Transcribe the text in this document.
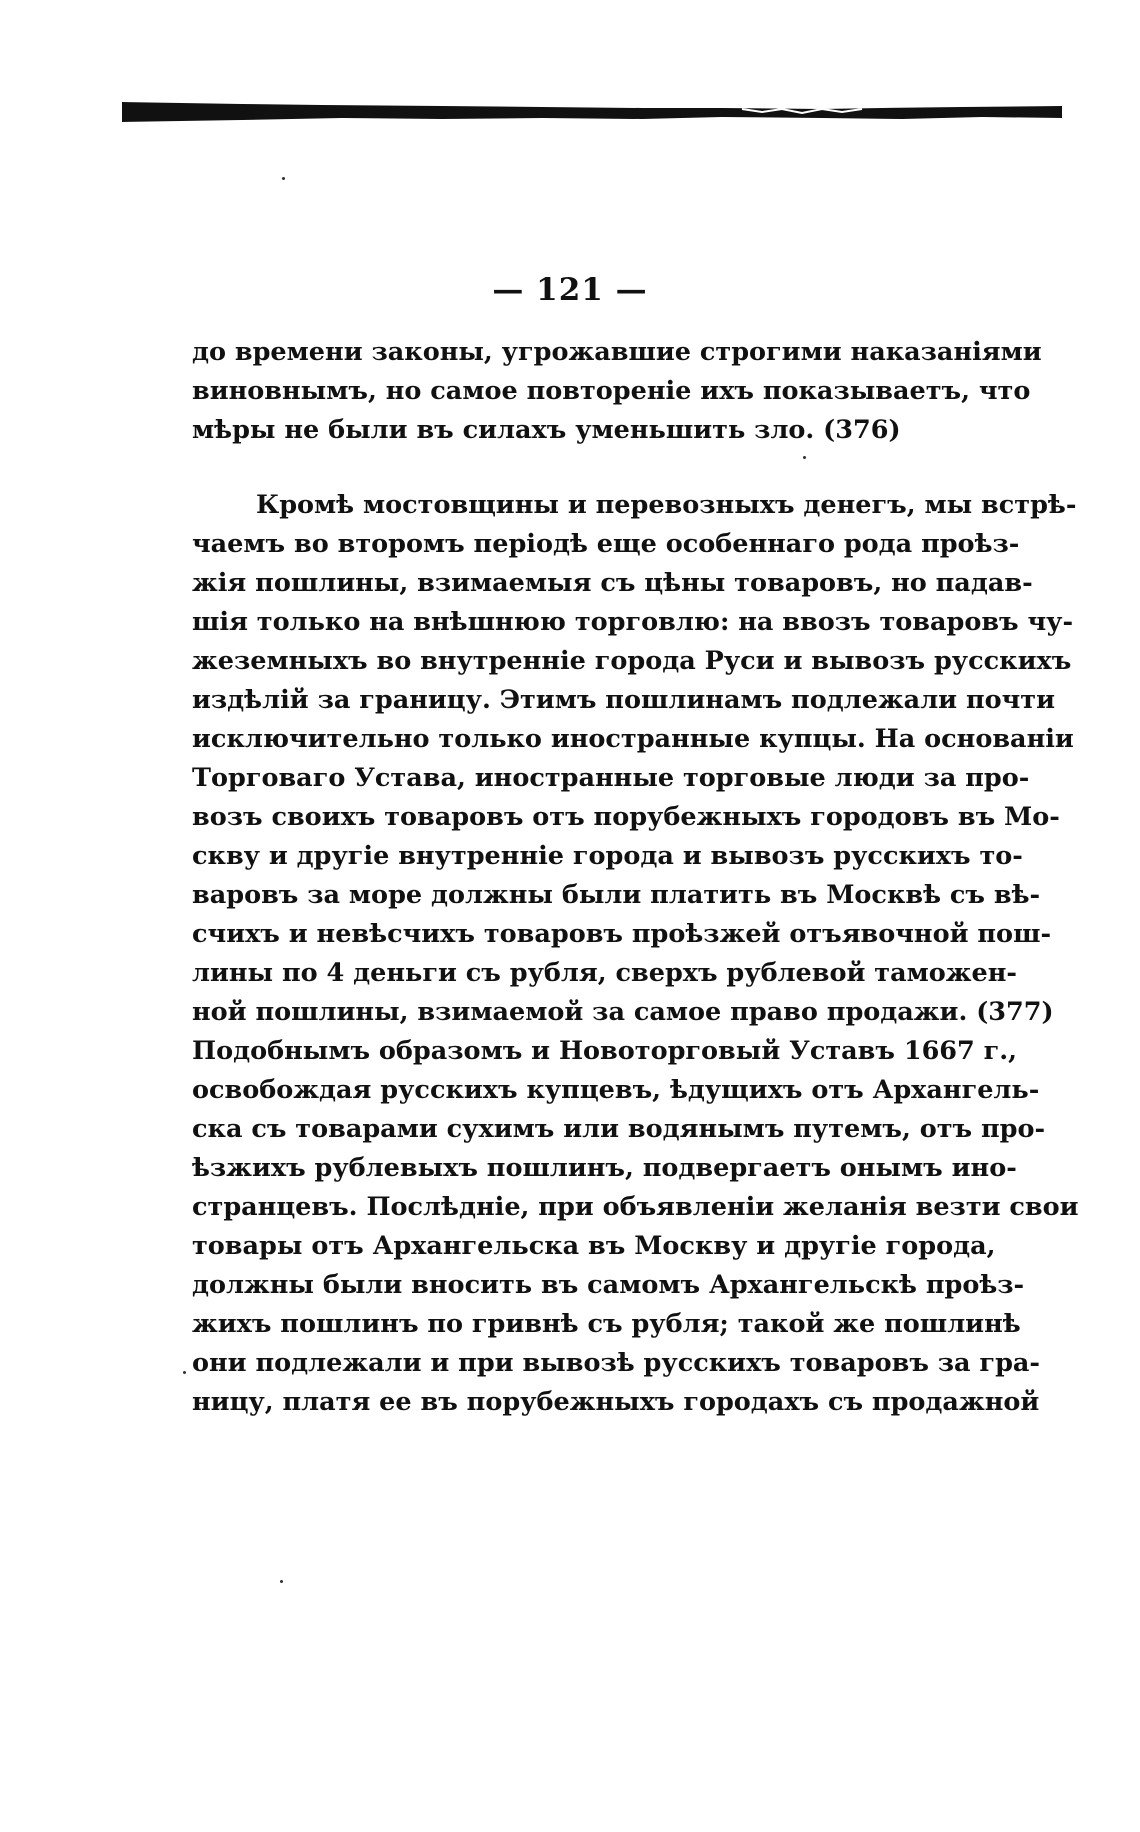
— 121 —
до времени законы, угрожавшие строгими наказаніями
виновнымъ, но самое повтореніе ихъ показываетъ, что
мѣры не были въ силахъ уменьшить зло. (376)
Кромѣ мостовщины и перевозныхъ денегъ, мы встрѣ-
чаемъ во второмъ періодѣ еще особеннаго рода проѣз-
жія пошлины, взимаемыя съ цѣны товаровъ, но падав-
шія только на внѣшнюю торговлю: на ввозъ товаровъ чу-
жеземныхъ во внутренніе города Руси и вывозъ русскихъ
издѣлій за границу. Этимъ пошлинамъ подлежали почти
исключительно только иностранные купцы. На основаніи
Торговаго Устава, иностранные торговые люди за про-
возъ своихъ товаровъ отъ порубежныхъ городовъ въ Мо-
скву и другіе внутренніе города и вывозъ русскихъ то-
варовъ за море должны были платить въ Москвѣ съ вѣ-
счихъ и невѣсчихъ товаровъ проѣзжей отъявочной пош-
лины по 4 деньги съ рубля, сверхъ рублевой таможен-
ной пошлины, взимаемой за самое право продажи. (377)
Подобнымъ образомъ и Новоторговый Уставъ 1667 г.,
освобождая русскихъ купцевъ, ѣдущихъ отъ Архангель-
ска съ товарами сухимъ или водянымъ путемъ, отъ про-
ѣзжихъ рублевыхъ пошлинъ, подвергаетъ онымъ ино-
странцевъ. Послѣдніе, при объявленіи желанія везти свои
товары отъ Архангельска въ Москву и другіе города,
должны были вносить въ самомъ Архангельскѣ проѣз-
жихъ пошлинъ по гривнѣ съ рубля; такой же пошлинѣ
они подлежали и при вывозѣ русскихъ товаровъ за гра-
ницу, платя ее въ порубежныхъ городахъ съ продажной
